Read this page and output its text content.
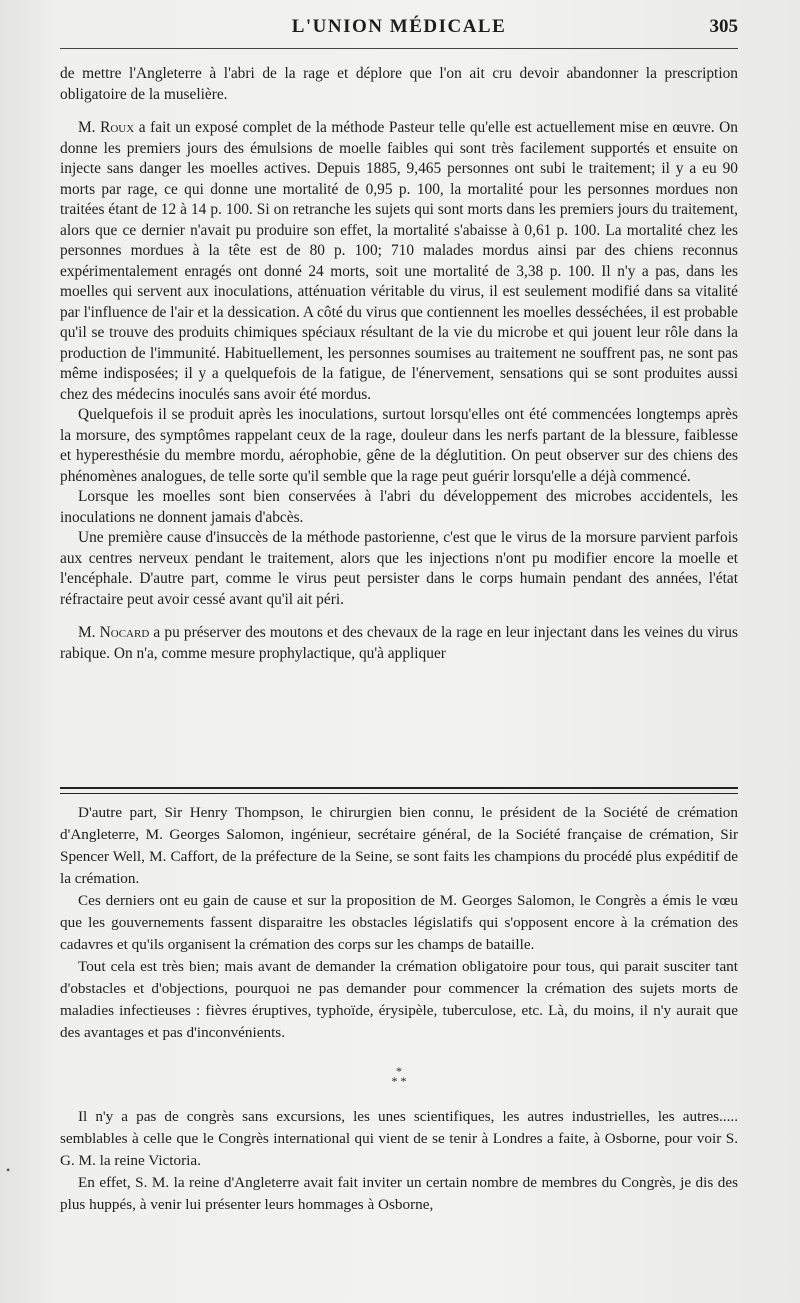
L'UNION MÉDICALE	305

de mettre l'Angleterre à l'abri de la rage et déplore que l'on ait cru devoir abandonner la prescription obligatoire de la muselière.

M. Roux a fait un exposé complet de la méthode Pasteur telle qu'elle est actuellement mise en œuvre. On donne les premiers jours des émulsions de moelle faibles qui sont très facilement supportés et ensuite on injecte sans danger les moelles actives. Depuis 1885, 9,465 personnes ont subi le traitement; il y a eu 90 morts par rage, ce qui donne une mortalité de 0,95 p. 100, la mortalité pour les personnes mordues non traitées étant de 12 à 14 p. 100. Si on retranche les sujets qui sont morts dans les premiers jours du traitement, alors que ce dernier n'avait pu produire son effet, la mortalité s'abaisse à 0,61 p. 100. La mortalité chez les personnes mordues à la tête est de 80 p. 100; 710 malades mordus ainsi par des chiens reconnus expérimentalement enragés ont donné 24 morts, soit une mortalité de 3,38 p. 100. Il n'y a pas, dans les moelles qui servent aux inoculations, atténuation véritable du virus, il est seulement modifié dans sa vitalité par l'influence de l'air et la dessication. A côté du virus que contiennent les moelles desséchées, il est probable qu'il se trouve des produits chimiques spéciaux résultant de la vie du microbe et qui jouent leur rôle dans la production de l'immunité. Habituellement, les personnes soumises au traitement ne souffrent pas, ne sont pas même indisposées; il y a quelquefois de la fatigue, de l'énervement, sensations qui se sont produites aussi chez des médecins inoculés sans avoir été mordus.

Quelquefois il se produit après les inoculations, surtout lorsqu'elles ont été commencées longtemps après la morsure, des symptômes rappelant ceux de la rage, douleur dans les nerfs partant de la blessure, faiblesse et hyperesthésie du membre mordu, aérophobie, gêne de la déglutition. On peut observer sur des chiens des phénomènes analogues, de telle sorte qu'il semble que la rage peut guérir lorsqu'elle a déjà commencé.

Lorsque les moelles sont bien conservées à l'abri du développement des microbes accidentels, les inoculations ne donnent jamais d'abcès.

Une première cause d'insuccès de la méthode pastorienne, c'est que le virus de la morsure parvient parfois aux centres nerveux pendant le traitement, alors que les injections n'ont pu modifier encore la moelle et l'encéphale. D'autre part, comme le virus peut persister dans le corps humain pendant des années, l'état réfractaire peut avoir cessé avant qu'il ait péri.

M. Nocard a pu préserver des moutons et des chevaux de la rage en leur injectant dans les veines du virus rabique. On n'a, comme mesure prophylactique, qu'à appliquer

D'autre part, Sir Henry Thompson, le chirurgien bien connu, le président de la Société de crémation d'Angleterre, M. Georges Salomon, ingénieur, secrétaire général, de la Société française de crémation, Sir Spencer Well, M. Caffort, de la préfecture de la Seine, se sont faits les champions du procédé plus expéditif de la crémation.

Ces derniers ont eu gain de cause et sur la proposition de M. Georges Salomon, le Congrès a émis le vœu que les gouvernements fassent disparaitre les obstacles législatifs qui s'opposent encore à la crémation des cadavres et qu'ils organisent la crémation des corps sur les champs de bataille.

Tout cela est très bien; mais avant de demander la crémation obligatoire pour tous, qui parait susciter tant d'obstacles et d'objections, pourquoi ne pas demander pour commencer la crémation des sujets morts de maladies infectieuses : fièvres éruptives, typhoïde, érysipèle, tuberculose, etc. Là, du moins, il n'y aurait que des avantages et pas d'inconvénients.

*
* *

Il n'y a pas de congrès sans excursions, les unes scientifiques, les autres industrielles, les autres..... semblables à celle que le Congrès international qui vient de se tenir à Londres a faite, à Osborne, pour voir S. G. M. la reine Victoria.

En effet, S. M. la reine d'Angleterre avait fait inviter un certain nombre de membres du Congrès, je dis des plus huppés, à venir lui présenter leurs hommages à Osborne,

•
